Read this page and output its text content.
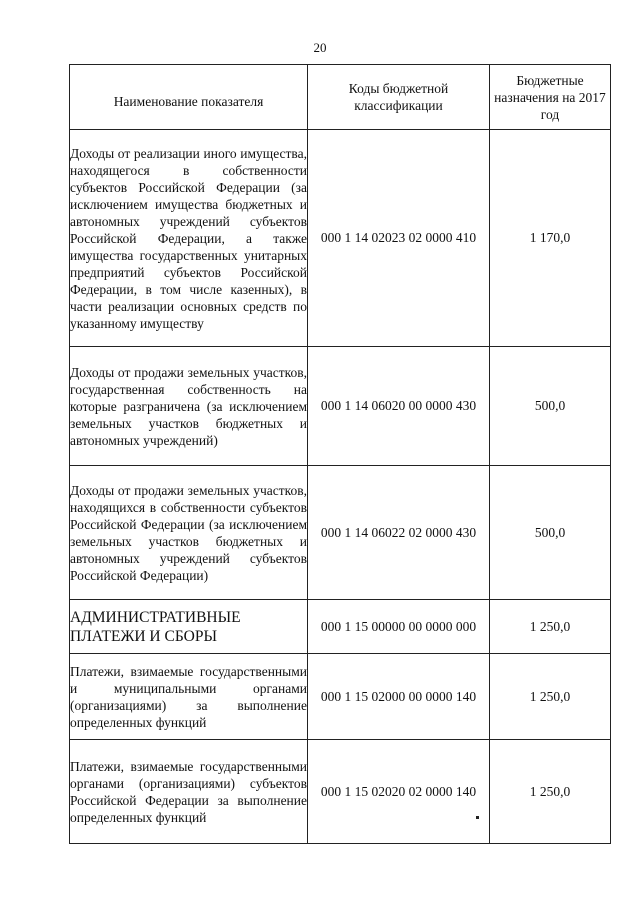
20
Наименование показателя	Коды бюджетной классификации	Бюджетные назначения на 2017 год
Доходы от реализации иного имущества, находящегося в собственности субъектов Российской Федерации (за исключением имущества бюджетных и автономных учреждений субъектов Российской Федерации, а также имущества государственных унитарных предприятий субъектов Российской Федерации, в том числе казенных), в части реализации основных средств по указанному имуществу	000 1 14 02023 02 0000 410	1 170,0
Доходы от продажи земельных участков, государственная собственность на которые разграничена (за исключением земельных участков бюджетных и автономных учреждений)	000 1 14 06020 00 0000 430	500,0
Доходы от продажи земельных участков, находящихся в собственности субъектов Российской Федерации (за исключением земельных участков бюджетных и автономных учреждений субъектов Российской Федерации)	000 1 14 06022 02 0000 430	500,0
АДМИНИСТРАТИВНЫЕ ПЛАТЕЖИ И СБОРЫ	000 1 15 00000 00 0000 000	1 250,0
Платежи, взимаемые государственными и муниципальными органами (организациями) за выполнение определенных функций	000 1 15 02000 00 0000 140	1 250,0
Платежи, взимаемые государственными органами (организациями) субъектов Российской Федерации за выполнение определенных функций	000 1 15 02020 02 0000 140	1 250,0
